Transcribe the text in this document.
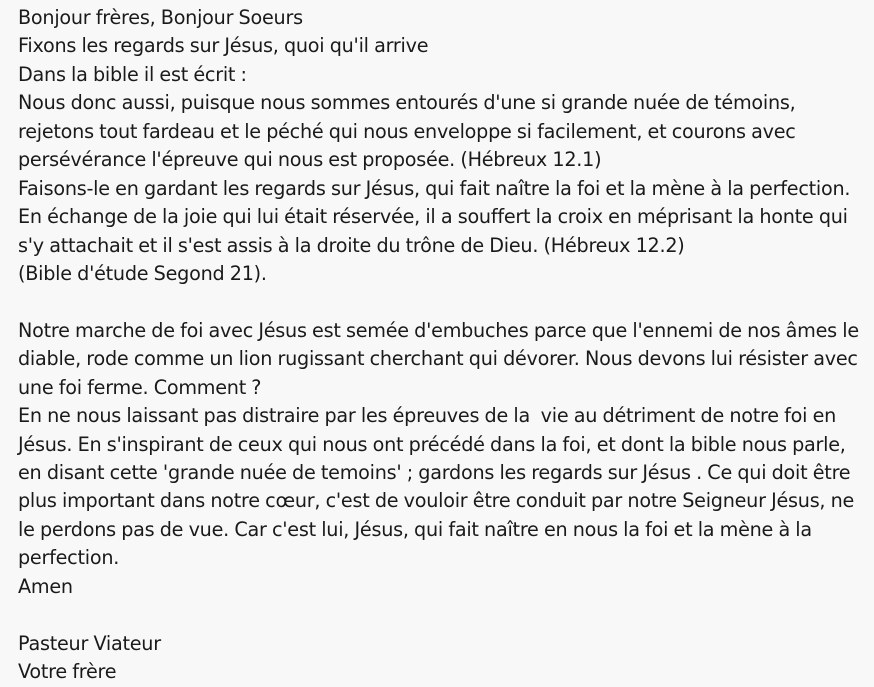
Bonjour frères, Bonjour Soeurs
Fixons les regards sur Jésus, quoi qu'il arrive
Dans la bible il est écrit :
Nous donc aussi, puisque nous sommes entourés d'une si grande nuée de témoins,
rejetons tout fardeau et le péché qui nous enveloppe si facilement, et courons avec
persévérance l'épreuve qui nous est proposée. (Hébreux 12.1)
Faisons-le en gardant les regards sur Jésus, qui fait naître la foi et la mène à la perfection.
En échange de la joie qui lui était réservée, il a souffert la croix en méprisant la honte qui
s'y attachait et il s'est assis à la droite du trône de Dieu. (Hébreux 12.2)
(Bible d'étude Segond 21).
Notre marche de foi avec Jésus est semée d'embuches parce que l'ennemi de nos âmes le
diable, rode comme un lion rugissant cherchant qui dévorer. Nous devons lui résister avec
une foi ferme. Comment ?
En ne nous laissant pas distraire par les épreuves de la  vie au détriment de notre foi en
Jésus. En s'inspirant de ceux qui nous ont précédé dans la foi, et dont la bible nous parle,
en disant cette 'grande nuée de temoins' ; gardons les regards sur Jésus . Ce qui doit être
plus important dans notre cœur, c'est de vouloir être conduit par notre Seigneur Jésus, ne
le perdons pas de vue. Car c'est lui, Jésus, qui fait naître en nous la foi et la mène à la
perfection.
Amen
Pasteur Viateur
Votre frère
